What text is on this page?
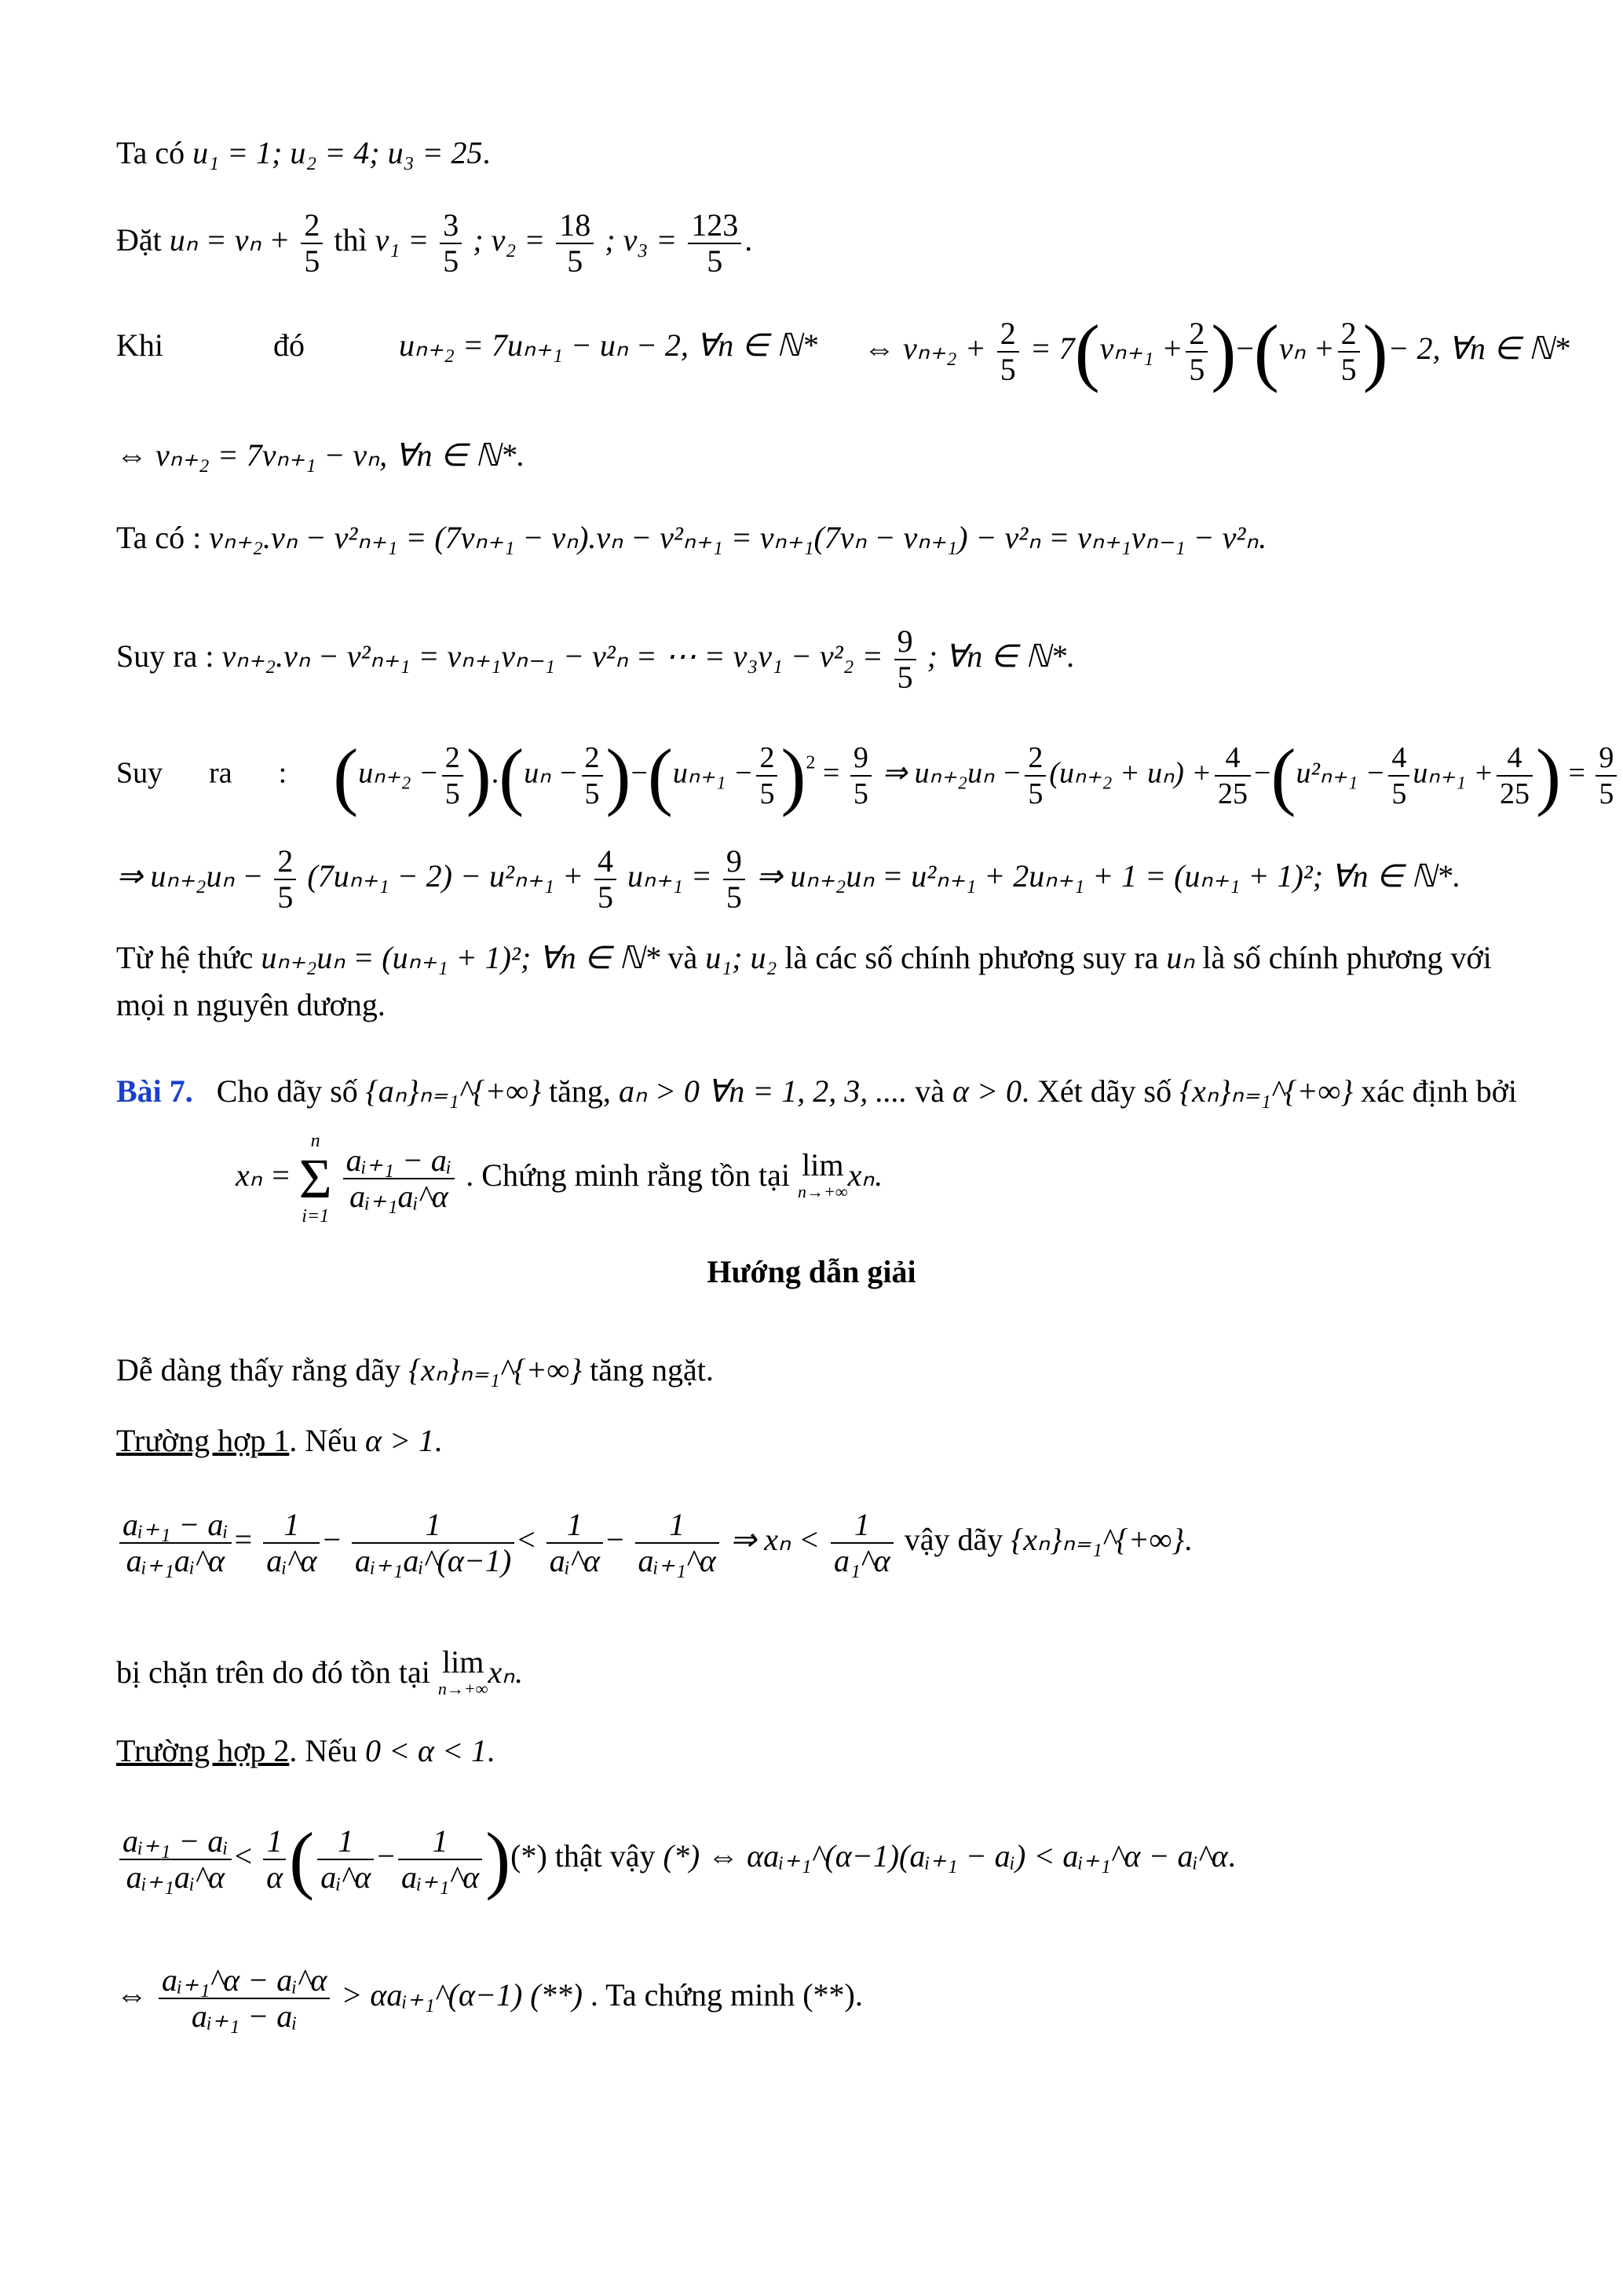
Ta có u₁ = 1; u₂ = 4; u₃ = 25.
Đặt $u_n = v_n + \frac{2}{5}$ thì $v_1 = \frac{3}{5}$ ; $v_2 = \frac{18}{5}$ ; $v_3 = \frac{123}{5}$ .
Khi	đó	uₙ₊₂ = 7uₙ₊₁ − uₙ − 2, ∀n ∈ ℕ* ⇔ $v_{n+2} + \frac{2}{5} = 7(v_{n+1} + \frac{2}{5} )-(v_n + \frac{2}{5}$ )− 2, ∀n ∈ ℕ*
⇔ vₙ₊₂ = 7vₙ₊₁ − vₙ, ∀n ∈ ℕ*.
Ta có : vₙ₊₂.vₙ − v²ₙ₊₁ = (7vₙ₊₁ − vₙ).vₙ − v²ₙ₊₁ = vₙ₊₁(7vₙ − vₙ₊₁) − v²ₙ = vₙ₊₁vₙ₋₁ − v²ₙ.
Suy ra : vₙ₊₂.vₙ − v²ₙ₊₁ = vₙ₊₁vₙ₋₁ − v²ₙ = ⋯ = $v_3v_1 - v^2_2 = \frac{9}{5}$ ; ∀n ∈ ℕ*.
Suy ra : $(u_{n+2} - \frac{2}{5} ).(u_n - \frac{2}{5} )-(u_{n+1} - \frac{2}{5} )^2 = \frac{9}{5}$ ⇒ $u_{n+2}u_n - \frac{2}{5} (u_{n+2} + u_n) + \frac{4}{25} -(u^2_{n+1} - \frac{4}{5} u_{n+1} + \frac{4}{25}$ ) = $\frac{9}{5}$
⇒ $u_{n+2}u_n - \frac{2}{5} (7u_{n+1} - 2) - u^2_{n+1} + \frac{4}{5} u_{n+1} = \frac{9}{5}$ ⇒ uₙ₊₂uₙ = u²ₙ₊₁ + 2uₙ₊₁ + 1 = (uₙ₊₁ + 1)²; ∀n ∈ ℕ*.
Từ hệ thức uₙ₊₂uₙ = (uₙ₊₁ + 1)²; ∀n ∈ ℕ* và u₁; u₂ là các số chính phương suy ra uₙ là số chính phương với
mọi n nguyên dương.
Bài 7. Cho dãy số {aₙ}ₙ₌₁^{+∞} tăng, aₙ > 0 ∀n = 1, 2, 3, .... và α > 0. Xét dãy số {xₙ}ₙ₌₁^{+∞} xác định bởi
xₙ =
n
Σ
i=1

$\frac{\text{aᵢ₊₁ − aᵢ}}{\text{aᵢ₊₁aᵢ\textasciicircum{}α}}$ . Chứng minh rằng tồn tại lim
n→+∞ xₙ.
Hướng dẫn giải
Dễ dàng thấy rằng dãy {xₙ}ₙ₌₁^{+∞} tăng ngặt.
Trường hợp 1. Nếu α > 1.
$\frac{\text{aᵢ₊₁ − aᵢ}}{\text{aᵢ₊₁aᵢ\textasciicircum{}α}} = \frac{1}{\text{aᵢ\textasciicircum{}α}} - \frac{1}{\text{aᵢ₊₁aᵢ\textasciicircum{}(α−1)}} < \frac{1}{\text{aᵢ\textasciicircum{}α}} - \frac{1}{\text{aᵢ₊₁\textasciicircum{}α}}$ ⇒ $x_n < \frac{1}{\text{a₁\textasciicircum{}α}}$ vậy dãy {xₙ}ₙ₌₁^{+∞}.
bị chặn trên do đó tồn tại lim
n→+∞ xₙ.
Trường hợp 2. Nếu 0 < α < 1.
$\frac{\text{aᵢ₊₁ − aᵢ}}{\text{aᵢ₊₁aᵢ\textasciicircum{}α}} < \frac{1}{\alpha}$ ( $\frac{1}{\text{aᵢ\textasciicircum{}α}} - \frac{1}{\text{aᵢ₊₁\textasciicircum{}α}}$ )(*) thật vậy (*) ⇔ αaᵢ₊₁^(α−1)(aᵢ₊₁ − aᵢ) < aᵢ₊₁^α − aᵢ^α.
⇔ $\frac{\text{aᵢ₊₁\textasciicircum{}α − aᵢ\textasciicircum{}α}}{\text{aᵢ₊₁ − aᵢ}}$ > αaᵢ₊₁^(α−1) (**) . Ta chứng minh (**).
